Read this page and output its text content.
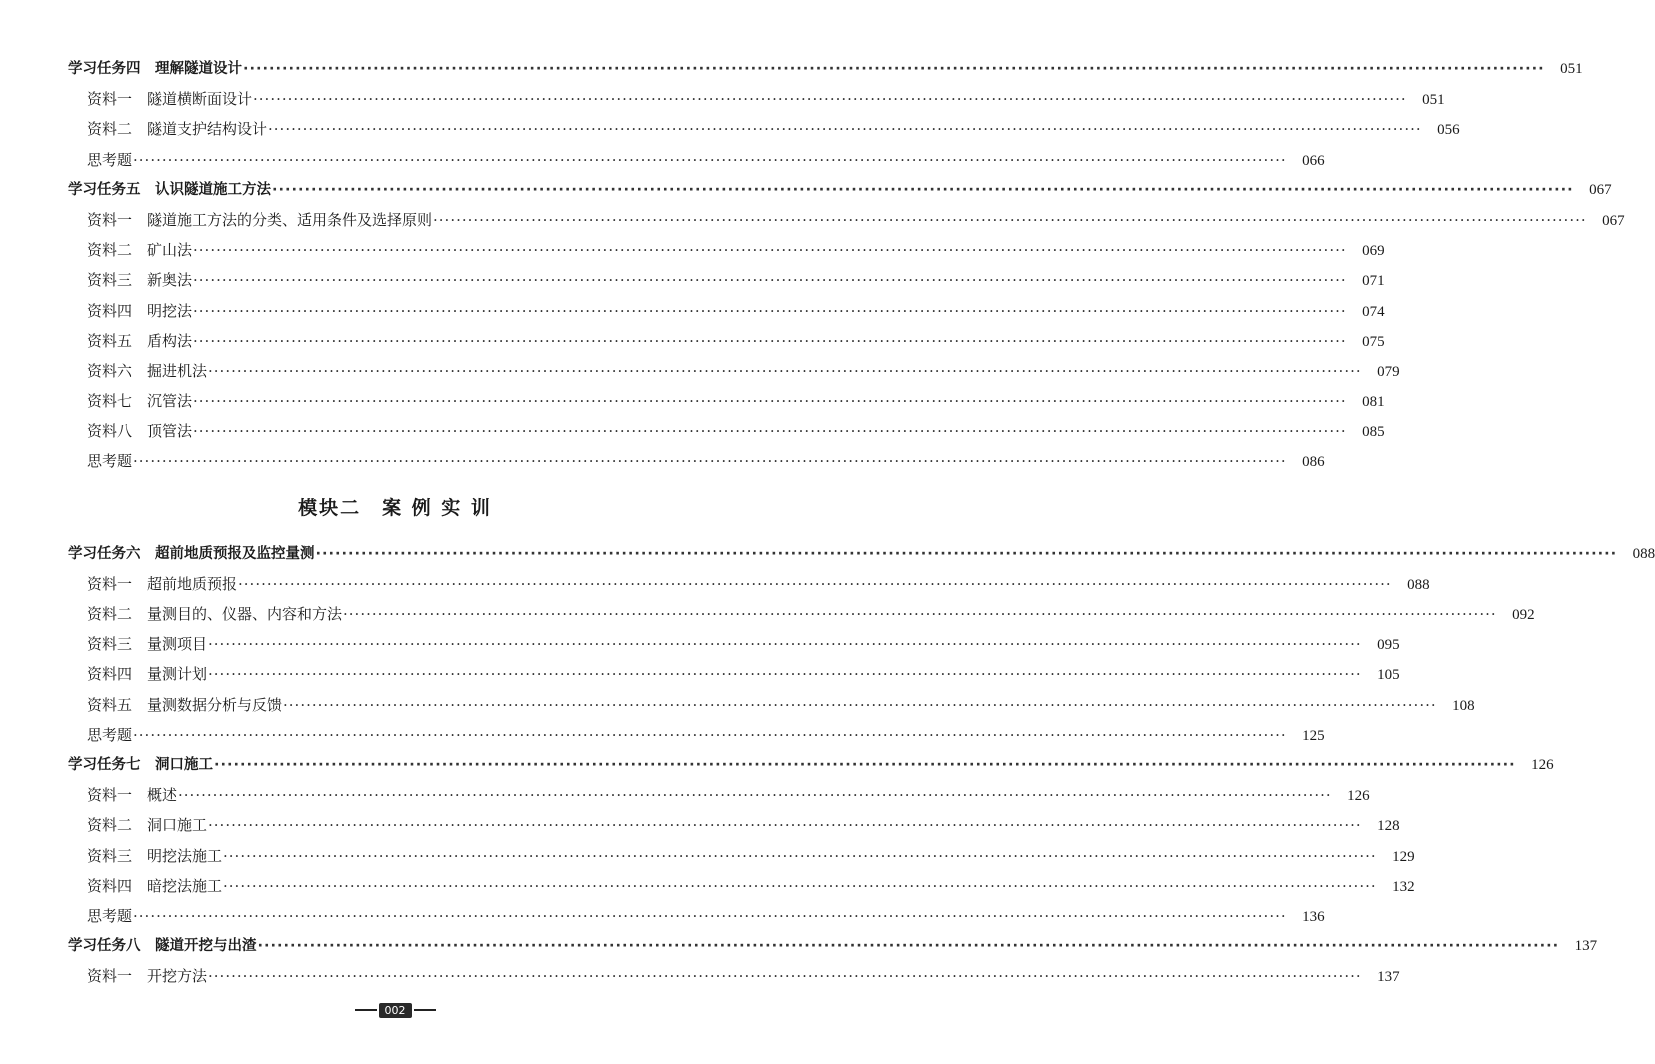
学习任务四　理解隧道设计 ········································································································································································································	051
资料一　隧道横断面设计 ········································································································································································································	051
资料二　隧道支护结构设计 ········································································································································································································	056
思考题 ········································································································································································································	066
学习任务五　认识隧道施工方法 ········································································································································································································	067
资料一　隧道施工方法的分类、适用条件及选择原则 ········································································································································································································	067
资料二　矿山法 ········································································································································································································	069
资料三　新奥法 ········································································································································································································	071
资料四　明挖法 ········································································································································································································	074
资料五　盾构法 ········································································································································································································	075
资料六　掘进机法 ········································································································································································································	079
资料七　沉管法 ········································································································································································································	081
资料八　顶管法 ········································································································································································································	085
思考题 ········································································································································································································	086
模块二　案 例 实 训
学习任务六　超前地质预报及监控量测 ········································································································································································································	088
资料一　超前地质预报 ········································································································································································································	088
资料二　量测目的、仪器、内容和方法 ········································································································································································································	092
资料三　量测项目 ········································································································································································································	095
资料四　量测计划 ········································································································································································································	105
资料五　量测数据分析与反馈 ········································································································································································································	108
思考题 ········································································································································································································	125
学习任务七　洞口施工 ········································································································································································································	126
资料一　概述 ········································································································································································································	126
资料二　洞口施工 ········································································································································································································	128
资料三　明挖法施工 ········································································································································································································	129
资料四　暗挖法施工 ········································································································································································································	132
思考题 ········································································································································································································	136
学习任务八　隧道开挖与出渣 ········································································································································································································	137
资料一　开挖方法 ········································································································································································································	137
002
